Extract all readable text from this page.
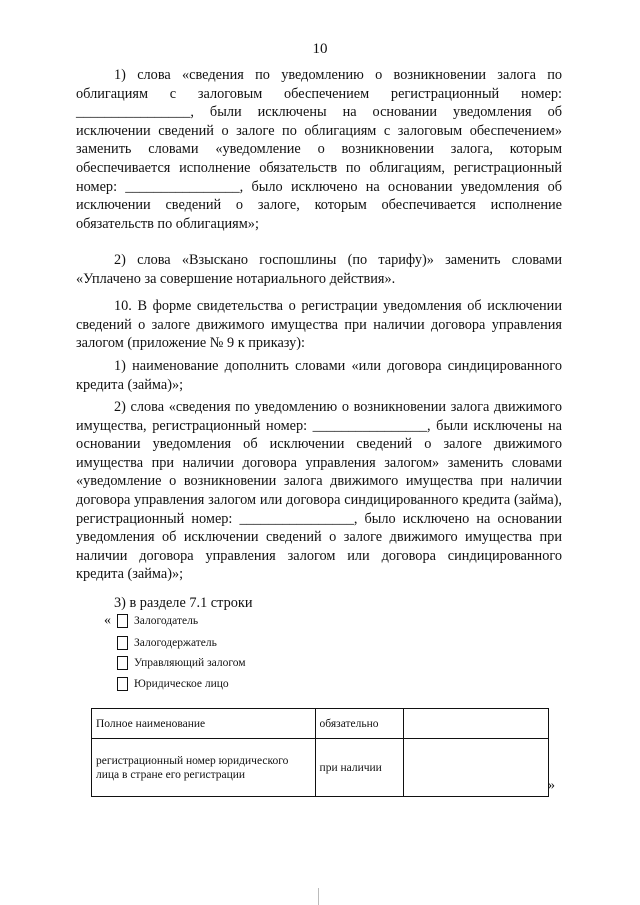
10

1) слова «сведения по уведомлению о возникновении залога по облигациям с залоговым обеспечением регистрационный номер: ________________, были исключены на основании уведомления об исключении сведений о залоге по облигациям с залоговым обеспечением» заменить словами «уведомление о возникновении залога, которым обеспечивается исполнение обязательств по облигациям, регистрационный номер: ________________, было исключено на основании уведомления об исключении сведений о залоге, которым обеспечивается исполнение обязательств по облигациям»;

2) слова «Взыскано госпошлины (по тарифу)» заменить словами «Уплачено за совершение нотариального действия».

10. В форме свидетельства о регистрации уведомления об исключении сведений о залоге движимого имущества при наличии договора управления залогом (приложение № 9 к приказу):

1) наименование дополнить словами «или договора синдицированного кредита (займа)»;

2) слова «сведения по уведомлению о возникновении залога движимого имущества, регистрационный номер: ________________, были исключены на основании уведомления об исключении сведений о залоге движимого имущества при наличии договора управления залогом» заменить словами «уведомление о возникновении залога движимого имущества при наличии договора управления залогом или договора синдицированного кредита (займа), регистрационный номер: ________________, было исключено на основании уведомления об исключении сведений о залоге движимого имущества при наличии договора управления залогом или договора синдицированного кредита (займа)»;

3) в разделе 7.1 строки

« Залогодатель
Залогодержатель
Управляющий залогом
Юридическое лицо
Полное наименование	обязательно	
регистрационный номер юридического лица в стране его регистрации	при наличии	
»
